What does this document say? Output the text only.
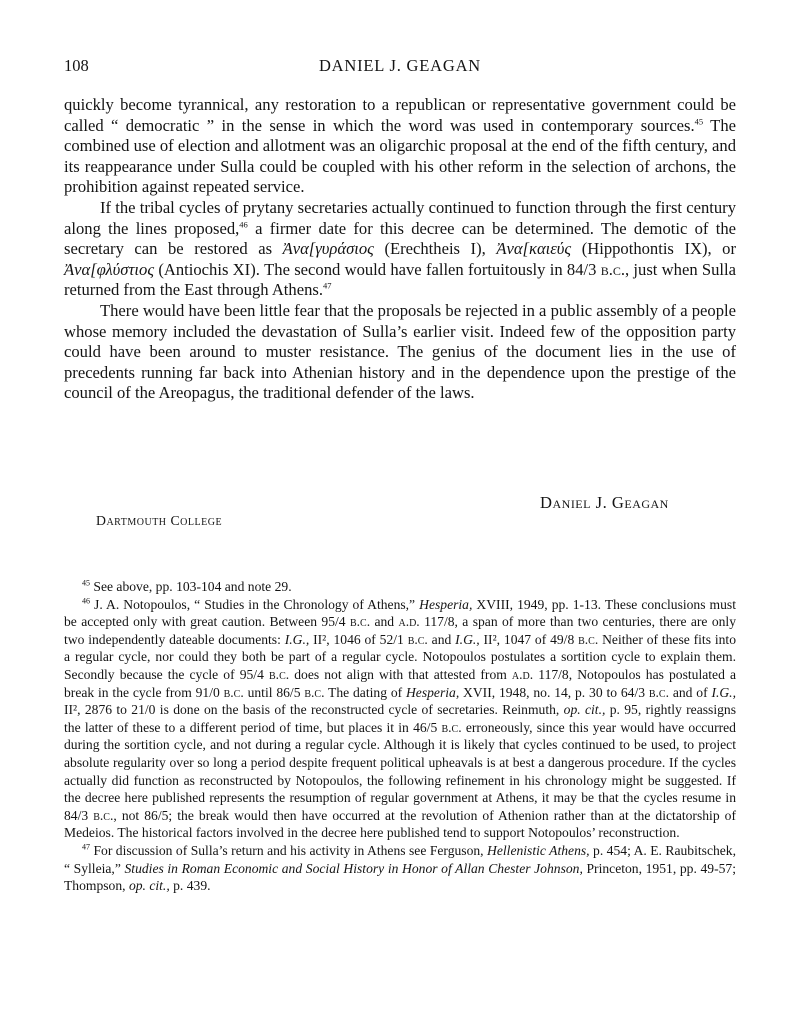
108	DANIEL J. GEAGAN

quickly become tyrannical, any restoration to a republican or representative government could be called “ democratic ” in the sense in which the word was used in contemporary sources.$^{45}$ The combined use of election and allotment was an oligarchic proposal at the end of the fifth century, and its reappearance under Sulla could be coupled with his other reform in the selection of archons, the prohibition against repeated service.

If the tribal cycles of prytany secretaries actually continued to function through the first century along the lines proposed,$^{46}$ a firmer date for this decree can be determined. The demotic of the secretary can be restored as Ἀνα[γυράσιος (Erechtheis I), Ἀνα[καιεύς (Hippothontis IX), or Ἀνα[φλύστιος (Antiochis XI). The second would have fallen fortuitously in 84/3 b.c., just when Sulla returned from the East through Athens.$^{47}$

There would have been little fear that the proposals be rejected in a public assembly of a people whose memory included the devastation of Sulla’s earlier visit. Indeed few of the opposition party could have been around to muster resistance. The genius of the document lies in the use of precedents running far back into Athenian history and in the dependence upon the prestige of the council of the Areopagus, the traditional defender of the laws.

Daniel J. Geagan
Dartmouth College

$^{45}$ See above, pp. 103-104 and note 29.

$^{46}$ J. A. Notopoulos, “ Studies in the Chronology of Athens,” Hesperia, XVIII, 1949, pp. 1-13. These conclusions must be accepted only with great caution. Between 95/4 b.c. and a.d. 117/8, a span of more than two centuries, there are only two independently dateable documents: I.G., II², 1046 of 52/1 b.c. and I.G., II², 1047 of 49/8 b.c. Neither of these fits into a regular cycle, nor could they both be part of a regular cycle. Notopoulos postulates a sortition cycle to explain them. Secondly because the cycle of 95/4 b.c. does not align with that attested from a.d. 117/8, Notopoulos has postulated a break in the cycle from 91/0 b.c. until 86/5 b.c. The dating of Hesperia, XVII, 1948, no. 14, p. 30 to 64/3 b.c. and of I.G., II², 2876 to 21/0 is done on the basis of the reconstructed cycle of secretaries. Reinmuth, op. cit., p. 95, rightly reassigns the latter of these to a different period of time, but places it in 46/5 b.c. erroneously, since this year would have occurred during the sortition cycle, and not during a regular cycle. Although it is likely that cycles continued to be used, to project absolute regularity over so long a period despite frequent political upheavals is at best a dangerous procedure. If the cycles actually did function as reconstructed by Notopoulos, the following refinement in his chronology might be suggested. If the decree here published represents the resumption of regular government at Athens, it may be that the cycles resume in 84/3 b.c., not 86/5; the break would then have occurred at the revolution of Athenion rather than at the dictatorship of Medeios. The historical factors involved in the decree here published tend to support Notopoulos’ reconstruction.

$^{47}$ For discussion of Sulla’s return and his activity in Athens see Ferguson, Hellenistic Athens, p. 454; A. E. Raubitschek, “ Sylleia,” Studies in Roman Economic and Social History in Honor of Allan Chester Johnson, Princeton, 1951, pp. 49-57; Thompson, op. cit., p. 439.
